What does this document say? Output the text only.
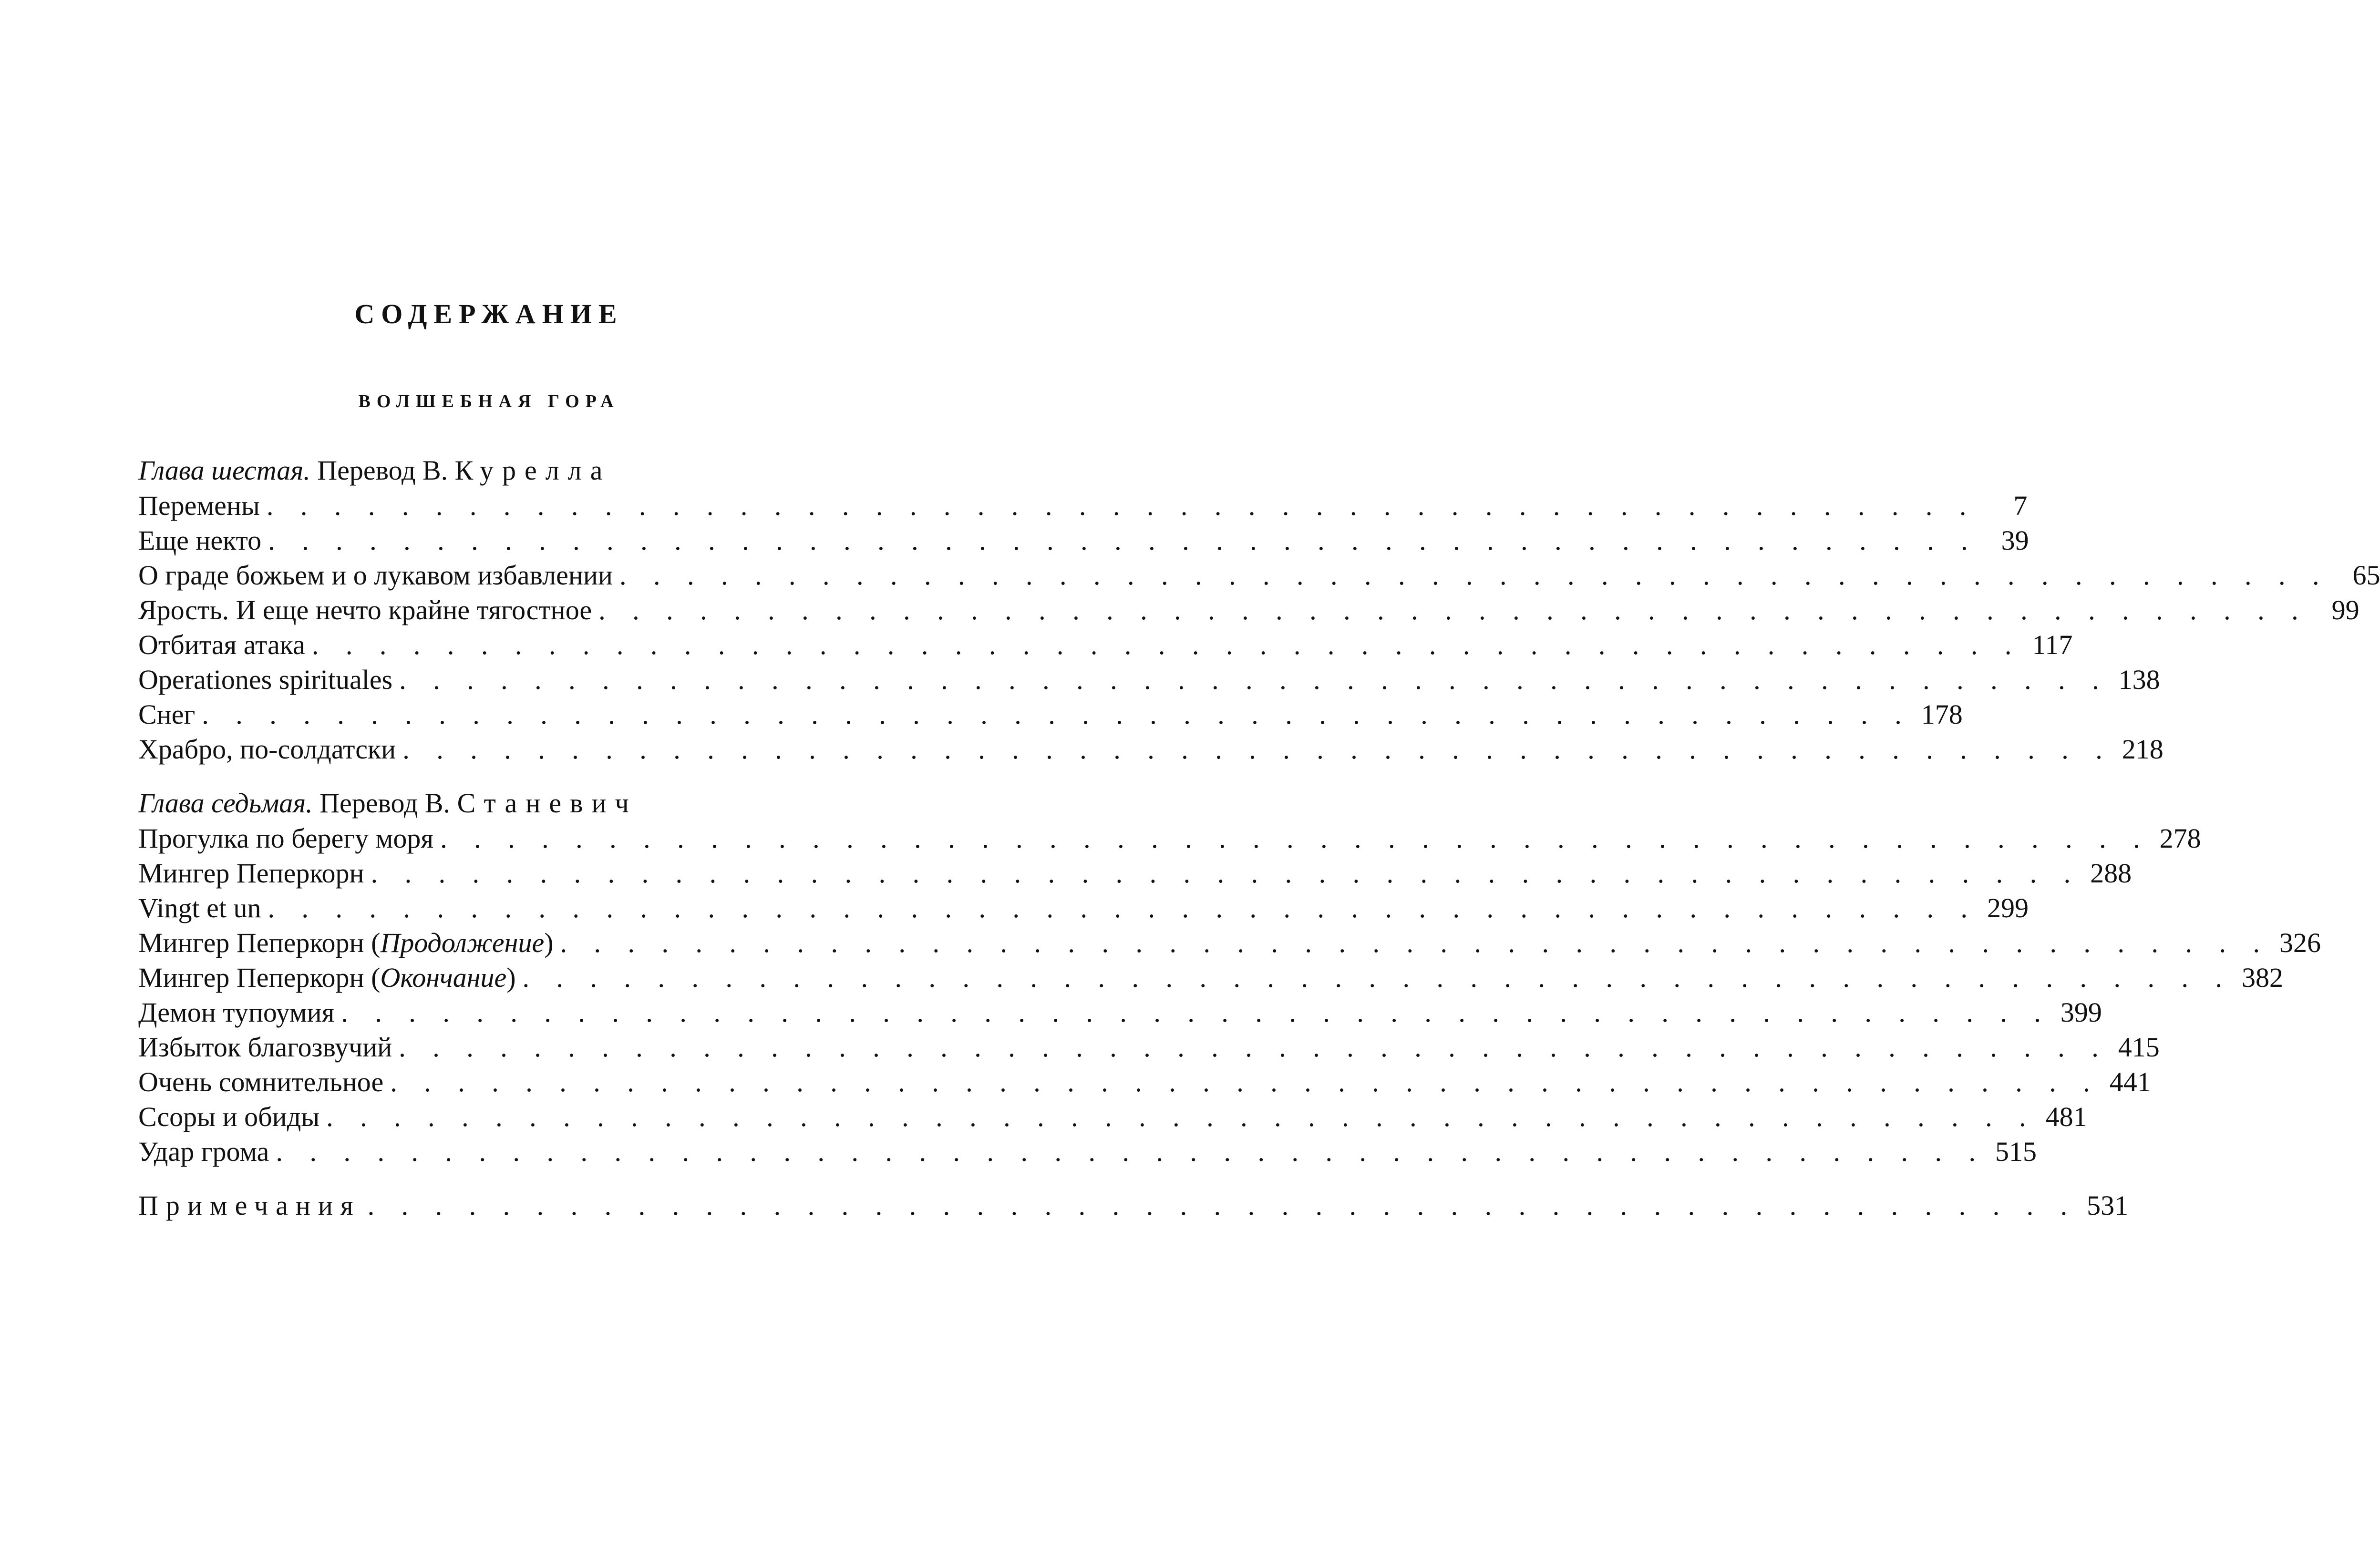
СОДЕРЖАНИЕ
ВОЛШЕБНАЯ ГОРА
Глава шестая. Перевод В. Курелла
Перемены . . . . . . . . . . . . . . . . . . . . . . . . . . . . . . . . . . . . . . . . . . . . . . . . . . .	7
Еще некто . . . . . . . . . . . . . . . . . . . . . . . . . . . . . . . . . . . . . . . . . . . . . . . . . . . 39
О граде божьем и о лукавом избавлении . . . . . . . . . . . . . . . . . . . . . . . . . . . . . . . . . . . . . . . . . . . . . . . . . . . 65
Ярость. И еще нечто крайне тягостное . . . . . . . . . . . . . . . . . . . . . . . . . . . . . . . . . . . . . . . . . . . . . . . . . . . 99
Отбитая атака . . . . . . . . . . . . . . . . . . . . . . . . . . . . . . . . . . . . . . . . . . . . . . . . . . . 117
Operationes spirituales . . . . . . . . . . . . . . . . . . . . . . . . . . . . . . . . . . . . . . . . . . . . . . . . . . . 138
Снег . . . . . . . . . . . . . . . . . . . . . . . . . . . . . . . . . . . . . . . . . . . . . . . . . . . 178
Храбро, по-солдатски . . . . . . . . . . . . . . . . . . . . . . . . . . . . . . . . . . . . . . . . . . . . . . . . . . . 218
Глава седьмая. Перевод В. Станевич
Прогулка по берегу моря . . . . . . . . . . . . . . . . . . . . . . . . . . . . . . . . . . . . . . . . . . . . . . . . . . . 278
Мингер Пеперкорн . . . . . . . . . . . . . . . . . . . . . . . . . . . . . . . . . . . . . . . . . . . . . . . . . . . 288
Vingt et un . . . . . . . . . . . . . . . . . . . . . . . . . . . . . . . . . . . . . . . . . . . . . . . . . . . 299
Мингер Пеперкорн (Продолжение) . . . . . . . . . . . . . . . . . . . . . . . . . . . . . . . . . . . . . . . . . . . . . . . . . . . 326
Мингер Пеперкорн (Окончание) . . . . . . . . . . . . . . . . . . . . . . . . . . . . . . . . . . . . . . . . . . . . . . . . . . . 382
Демон тупоумия . . . . . . . . . . . . . . . . . . . . . . . . . . . . . . . . . . . . . . . . . . . . . . . . . . . 399
Избыток благозвучий . . . . . . . . . . . . . . . . . . . . . . . . . . . . . . . . . . . . . . . . . . . . . . . . . . . 415
Очень сомнительное . . . . . . . . . . . . . . . . . . . . . . . . . . . . . . . . . . . . . . . . . . . . . . . . . . . 441
Ссоры и обиды . . . . . . . . . . . . . . . . . . . . . . . . . . . . . . . . . . . . . . . . . . . . . . . . . . . 481
Удар грома . . . . . . . . . . . . . . . . . . . . . . . . . . . . . . . . . . . . . . . . . . . . . . . . . . . 515
Примечания . . . . . . . . . . . . . . . . . . . . . . . . . . . . . . . . . . . . . . . . . . . . . . . . . . . 531
